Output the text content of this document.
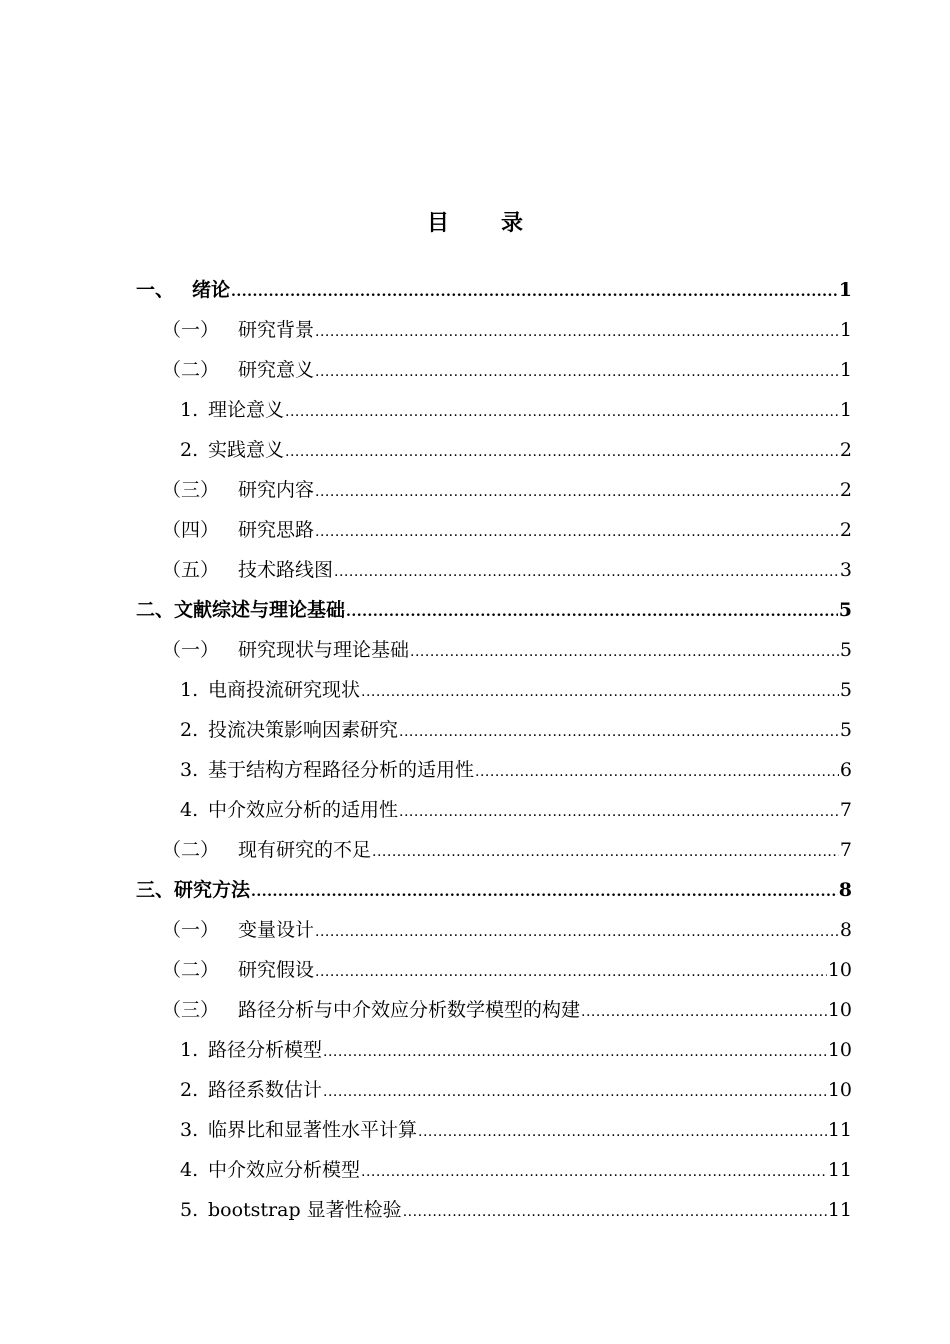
目 录
一、 绪论 .....	1
（一） 研究背景 .....	1
（二） 研究意义 .....	1
1. 理论意义 .....	1
2. 实践意义 .....	2
（三） 研究内容 .....	2
（四） 研究思路 .....	2
（五） 技术路线图 .....	3
二、 文献综述与理论基础 .....	5
（一） 研究现状与理论基础 .....	5
1. 电商投流研究现状 .....	5
2. 投流决策影响因素研究 .....	5
3. 基于结构方程路径分析的适用性 .....	6
4. 中介效应分析的适用性 .....	7
（二） 现有研究的不足 .....	7
三、 研究方法 .....	8
（一） 变量设计 .....	8
（二） 研究假设 .....	10
（三） 路径分析与中介效应分析数学模型的构建 .....	10
1. 路径分析模型 .....	10
2. 路径系数估计 .....	10
3. 临界比和显著性水平计算 .....	11
4. 中介效应分析模型 .....	11
5. bootstrap 显著性检验 .....	11
